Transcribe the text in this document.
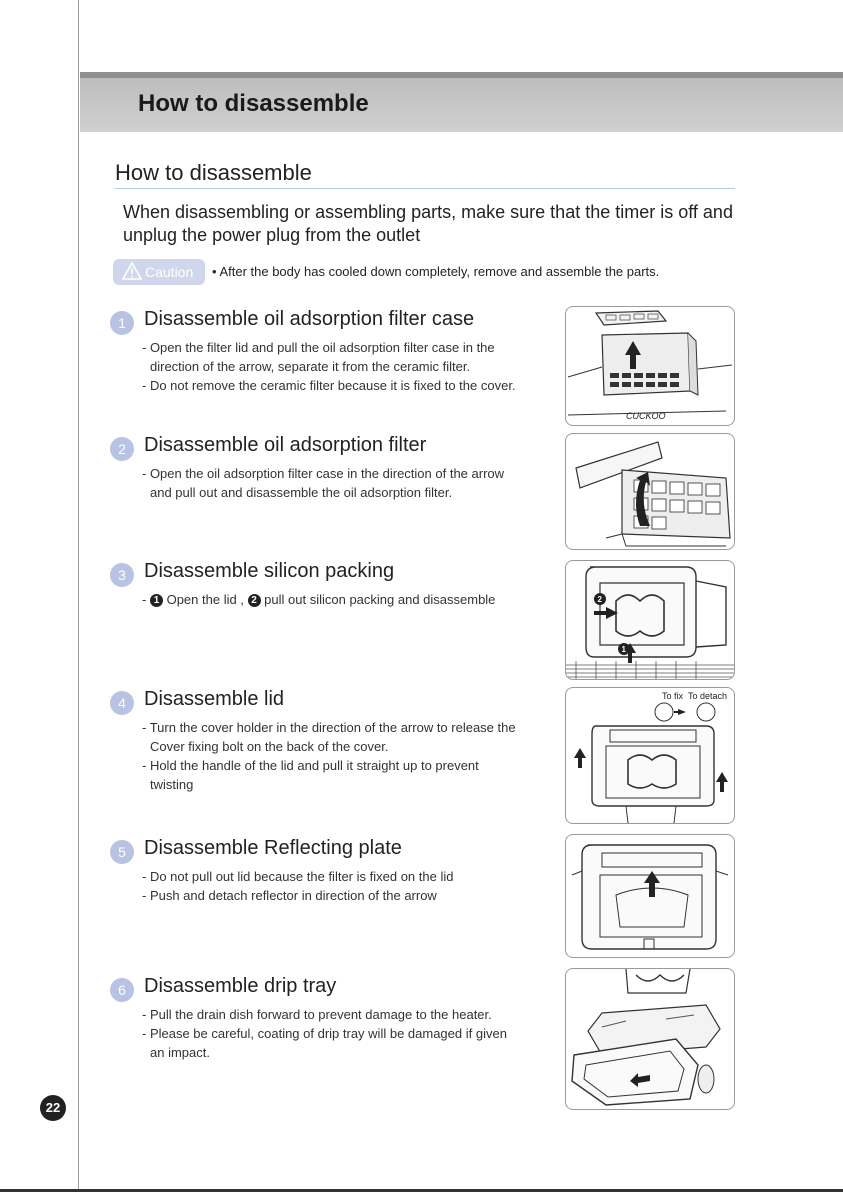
How to disassemble
How to disassemble
When disassembling or assembling parts, make sure that the timer is off and unplug the power plug from the outlet
Caution • After the body has cooled down completely, remove and assemble the parts.
1 Disassemble oil adsorption filter case

- Open the filter lid and pull the oil adsorption filter case in the

direction of the arrow, separate it from the ceramic filter.

- Do not remove the ceramic filter because it is fixed to the cover.

2 Disassemble oil adsorption filter

- Open the oil adsorption filter case in the direction of the arrow

and pull out and disassemble the oil adsorption filter.

3 Disassemble silicon packing

- 1 Open the lid , 2 pull out silicon packing and disassemble

4 Disassemble lid

- Turn the cover holder in the direction of the arrow to release the

Cover fixing bolt on the back of the cover.

- Hold the handle of the lid and pull it straight up to prevent

twisting

5 Disassemble Reflecting plate

- Do not pull out lid because the filter is fixed on the lid

- Push and detach reflector in direction of the arrow

6 Disassemble drip tray

- Pull the drain dish forward to prevent damage to the heater.

- Please be careful, coating of drip tray will be damaged if given

an impact.

CUCKOO
2
1
To fix To detach
22
